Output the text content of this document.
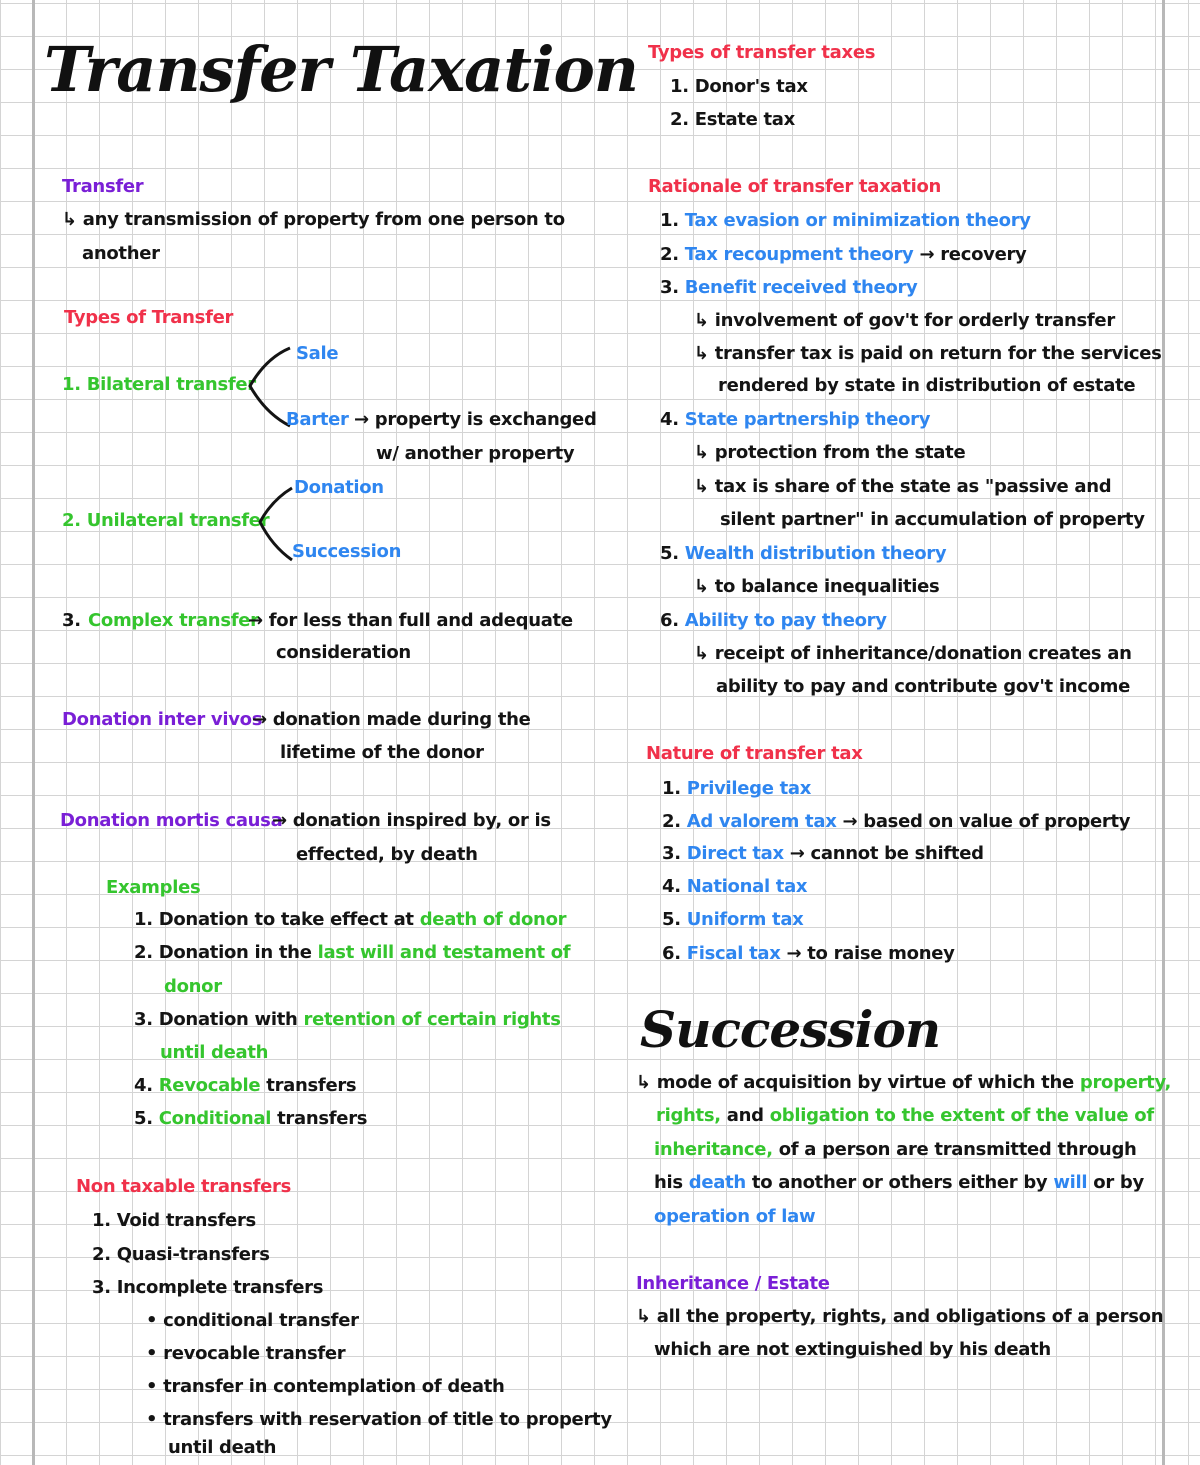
Transfer Taxation
Transfer
↳ any transmission of property from one person to
another
Types of Transfer
1. Bilateral transfer
Sale
Barter → property is exchanged
w/ another property
2. Unilateral transfer
Donation
Succession
3. Complex transfer
→ for less than full and adequate
consideration
Donation inter vivos
→ donation made during the
lifetime of the donor
Donation mortis causa
→ donation inspired by, or is
effected, by death
Examples
1. Donation to take effect at death of donor
2. Donation in the last will and testament of
donor
3. Donation with retention of certain rights
until death
4. Revocable transfers
5. Conditional transfers
Non taxable transfers
1. Void transfers
2. Quasi-transfers
3. Incomplete transfers
• conditional transfer
• revocable transfer
• transfer in contemplation of death
• transfers with reservation of title to property
until death
Types of transfer taxes
1. Donor's tax
2. Estate tax
Rationale of transfer taxation
1. Tax evasion or minimization theory
2. Tax recoupment theory → recovery
3. Benefit received theory
↳ involvement of gov't for orderly transfer
↳ transfer tax is paid on return for the services
rendered by state in distribution of estate
4. State partnership theory
↳ protection from the state
↳ tax is share of the state as "passive and
silent partner" in accumulation of property
5. Wealth distribution theory
↳ to balance inequalities
6. Ability to pay theory
↳ receipt of inheritance/donation creates an
ability to pay and contribute gov't income
Nature of transfer tax
1. Privilege tax
2. Ad valorem tax → based on value of property
3. Direct tax → cannot be shifted
4. National tax
5. Uniform tax
6. Fiscal tax → to raise money
Succession
↳ mode of acquisition by virtue of which the property,
rights, and obligation to the extent of the value of
inheritance, of a person are transmitted through
his death to another or others either by will or by
operation of law
Inheritance / Estate
↳ all the property, rights, and obligations of a person
which are not extinguished by his death
